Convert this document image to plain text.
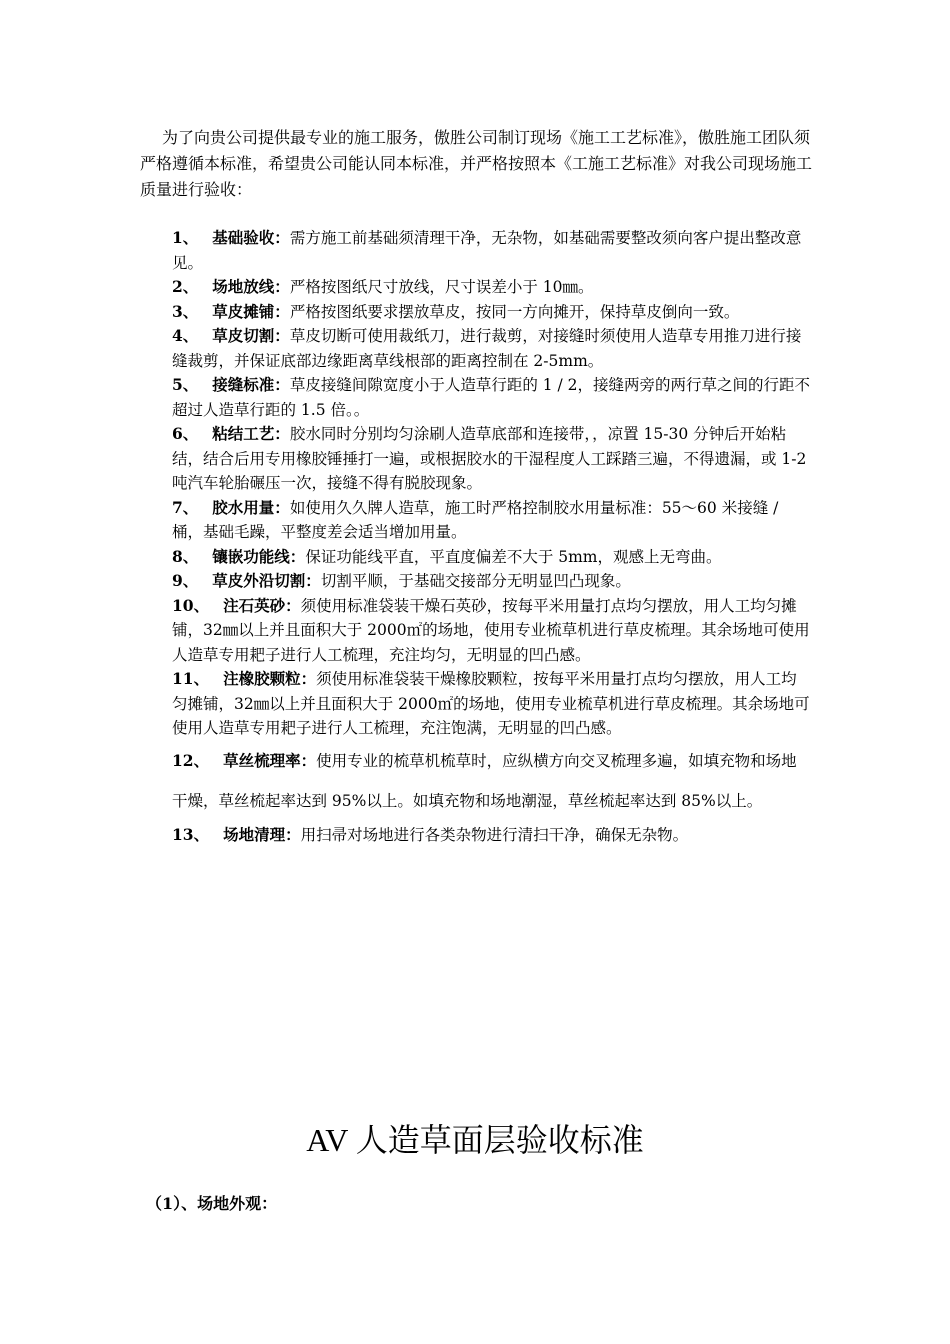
为了向贵公司提供最专业的施工服务，傲胜公司制订现场《施工工艺标准》，傲胜施工团队须严格遵循本标准，希望贵公司能认同本标准，并严格按照本《工施工艺标准》对我公司现场施工质量进行验收：

1、 基础验收：需方施工前基础须清理干净，无杂物，如基础需要整改须向客户提出整改意见。
2、 场地放线：严格按图纸尺寸放线，尺寸误差小于 10㎜。
3、 草皮摊铺：严格按图纸要求摆放草皮，按同一方向摊开，保持草皮倒向一致。
4、 草皮切割：草皮切断可使用裁纸刀，进行裁剪，对接缝时须使用人造草专用推刀进行接缝裁剪，并保证底部边缘距离草线根部的距离控制在 2-5mm。
5、 接缝标准：草皮接缝间隙宽度小于人造草行距的 1 / 2，接缝两旁的两行草之间的行距不超过人造草行距的 1.5 倍。。
6、 粘结工艺：胶水同时分别均匀涂刷人造草底部和连接带，，凉置 15-30 分钟后开始粘结，结合后用专用橡胶锤捶打一遍，或根据胶水的干湿程度人工踩踏三遍，不得遗漏，或 1-2 吨汽车轮胎碾压一次，接缝不得有脱胶现象。
7、 胶水用量：如使用久久牌人造草，施工时严格控制胶水用量标准：55～60 米接缝 / 桶，基础毛躁，平整度差会适当增加用量。
8、 镶嵌功能线：保证功能线平直，平直度偏差不大于 5mm，观感上无弯曲。
9、 草皮外沿切割：切割平顺，于基础交接部分无明显凹凸现象。
10、 注石英砂：须使用标准袋装干燥石英砂，按每平米用量打点均匀摆放，用人工均匀摊铺，32㎜以上并且面积大于 2000㎡的场地，使用专业梳草机进行草皮梳理。其余场地可使用人造草专用耙子进行人工梳理，充注均匀，无明显的凹凸感。
11、 注橡胶颗粒：须使用标准袋装干燥橡胶颗粒，按每平米用量打点均匀摆放，用人工均匀摊铺，32㎜以上并且面积大于 2000㎡的场地，使用专业梳草机进行草皮梳理。其余场地可使用人造草专用耙子进行人工梳理，充注饱满，无明显的凹凸感。
12、 草丝梳理率：使用专业的梳草机梳草时，应纵横方向交叉梳理多遍，如填充物和场地干燥，草丝梳起率达到 95%以上。如填充物和场地潮湿，草丝梳起率达到 85%以上。
13、 场地清理：用扫帚对场地进行各类杂物进行清扫干净，确保无杂物。
AV 人造草面层验收标准

（1）、场地外观：
